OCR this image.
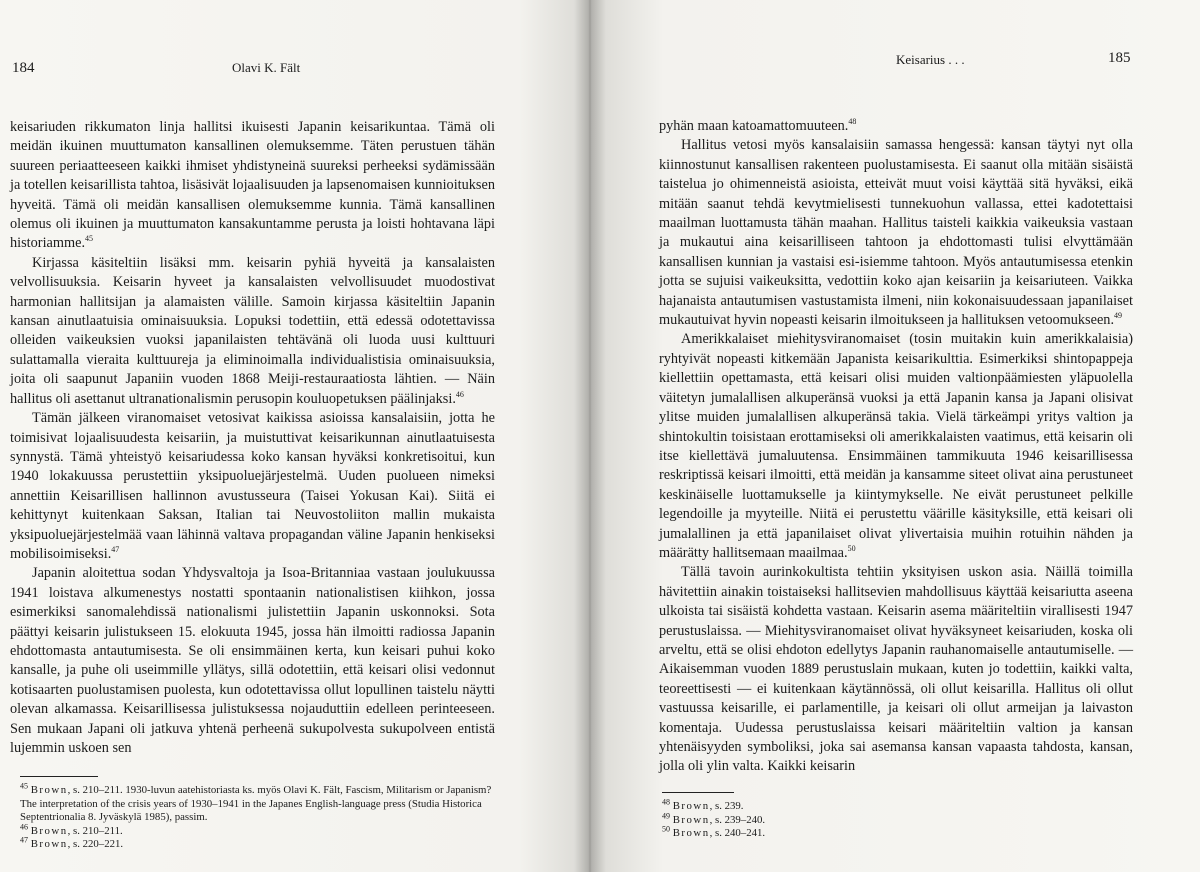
184	Olavi K. Fält

keisariuden rikkumaton linja hallitsi ikuisesti Japanin keisarikuntaa. Tämä oli meidän ikuinen muuttumaton kansallinen olemuksemme. Täten perustuen tähän suureen periaatteeseen kaikki ihmiset yhdistyneinä suureksi perheeksi sydämissään ja totellen keisarillista tahtoa, lisäsivät lojaalisuuden ja lapsenomaisen kunnioituksen hyveitä. Tämä oli meidän kansallisen olemuksemme kunnia. Tämä kansallinen olemus oli ikuinen ja muuttumaton kansakuntamme perusta ja loisti hohtavana läpi historiamme.$^{45}$

Kirjassa käsiteltiin lisäksi mm. keisarin pyhiä hyveitä ja kansalaisten velvollisuuksia. Keisarin hyveet ja kansalaisten velvollisuudet muodostivat harmonian hallitsijan ja alamaisten välille. Samoin kirjassa käsiteltiin Japanin kansan ainutlaatuisia ominaisuuksia. Lopuksi todettiin, että edessä odotettavissa olleiden vaikeuksien vuoksi japanilaisten tehtävänä oli luoda uusi kulttuuri sulattamalla vieraita kulttuureja ja eliminoimalla individualistisia ominaisuuksia, joita oli saapunut Japaniin vuoden 1868 Meiji-restauraatiosta lähtien. — Näin hallitus oli asettanut ultranationalismin perusopin kouluopetuksen päälinjaksi.$^{46}$

Tämän jälkeen viranomaiset vetosivat kaikissa asioissa kansalaisiin, jotta he toimisivat lojaalisuudesta keisariin, ja muistuttivat keisarikunnan ainutlaatuisesta synnystä. Tämä yhteistyö keisariudessa koko kansan hyväksi konkretisoitui, kun 1940 lokakuussa perustettiin yksipuoluejärjestelmä. Uuden puolueen nimeksi annettiin Keisarillisen hallinnon avustusseura (Taisei Yokusan Kai). Siitä ei kehittynyt kuitenkaan Saksan, Italian tai Neuvostoliiton mallin mukaista yksipuoluejärjestelmää vaan lähinnä valtava propagandan väline Japanin henkiseksi mobilisoimiseksi.$^{47}$

Japanin aloitettua sodan Yhdysvaltoja ja Isoa-Britanniaa vastaan joulukuussa 1941 loistava alkumenestys nostatti spontaanin nationalistisen kiihkon, jossa esimerkiksi sanomalehdissä nationalismi julistettiin Japanin uskonnoksi. Sota päättyi keisarin julistukseen 15. elokuuta 1945, jossa hän ilmoitti radiossa Japanin ehdottomasta antautumisesta. Se oli ensimmäinen kerta, kun keisari puhui koko kansalle, ja puhe oli useimmille yllätys, sillä odotettiin, että keisari olisi vedonnut kotisaarten puolustamisen puolesta, kun odotettavissa ollut lopullinen taistelu näytti olevan alkamassa. Keisarillisessa julistuksessa nojauduttiin edelleen perinteeseen. Sen mukaan Japani oli jatkuva yhtenä perheenä sukupolvesta sukupolveen entistä lujemmin uskoen sen

$^{45}$ Brown, s. 210–211. 1930-luvun aatehistoriasta ks. myös Olavi K. Fält, Fascism, Militarism or Japanism? The interpretation of the crisis years of 1930–1941 in the Japanes English-language press (Studia Historica Septentrionalia 8. Jyväskylä 1985), passim.
$^{46}$ Brown, s. 210–211.
$^{47}$ Brown, s. 220–221.
Keisarius . . .	185

pyhän maan katoamattomuuteen.$^{48}$

Hallitus vetosi myös kansalaisiin samassa hengessä: kansan täytyi nyt olla kiinnostunut kansallisen rakenteen puolustamisesta. Ei saanut olla mitään sisäistä taistelua jo ohimenneistä asioista, etteivät muut voisi käyttää sitä hyväksi, eikä mitään saanut tehdä kevytmielisesti tunnekuohun vallassa, ettei kadotettaisi maailman luottamusta tähän maahan. Hallitus taisteli kaikkia vaikeuksia vastaan ja mukautui aina keisarilliseen tahtoon ja ehdottomasti tulisi elvyttämään kansallisen kunnian ja vastaisi esi-isiemme tahtoon. Myös antautumisessa etenkin jotta se sujuisi vaikeuksitta, vedottiin koko ajan keisariin ja keisariuteen. Vaikka hajanaista antautumisen vastustamista ilmeni, niin kokonaisuudessaan japanilaiset mukautuivat hyvin nopeasti keisarin ilmoitukseen ja hallituksen vetoomukseen.$^{49}$

Amerikkalaiset miehitysviranomaiset (tosin muitakin kuin amerikkalaisia) ryhtyivät nopeasti kitkemään Japanista keisarikulttia. Esimerkiksi shintopappeja kiellettiin opettamasta, että keisari olisi muiden valtionpäämiesten yläpuolella väitetyn jumalallisen alkuperänsä vuoksi ja että Japanin kansa ja Japani olisivat ylitse muiden jumalallisen alkuperänsä takia. Vielä tärkeämpi yritys valtion ja shintokultin toisistaan erottamiseksi oli amerikkalaisten vaatimus, että keisarin oli itse kiellettävä jumaluutensa. Ensimmäinen tammikuuta 1946 keisarillisessa reskriptissä keisari ilmoitti, että meidän ja kansamme siteet olivat aina perustuneet keskinäiselle luottamukselle ja kiintymykselle. Ne eivät perustuneet pelkille legendoille ja myyteille. Niitä ei perustettu väärille käsityksille, että keisari oli jumalallinen ja että japanilaiset olivat ylivertaisia muihin rotuihin nähden ja määrätty hallitsemaan maailmaa.$^{50}$

Tällä tavoin aurinkokultista tehtiin yksityisen uskon asia. Näillä toimilla hävitettiin ainakin toistaiseksi hallitsevien mahdollisuus käyttää keisariutta aseena ulkoista tai sisäistä kohdetta vastaan. Keisarin asema määriteltiin virallisesti 1947 perustuslaissa. — Miehitysviranomaiset olivat hyväksyneet keisariuden, koska oli arveltu, että se olisi ehdoton edellytys Japanin rauhanomaiselle antautumiselle. — Aikaisemman vuoden 1889 perustuslain mukaan, kuten jo todettiin, kaikki valta, teoreettisesti — ei kuitenkaan käytännössä, oli ollut keisarilla. Hallitus oli ollut vastuussa keisarille, ei parlamentille, ja keisari oli ollut armeijan ja laivaston komentaja. Uudessa perustuslaissa keisari määriteltiin valtion ja kansan yhtenäisyyden symboliksi, joka sai asemansa kansan vapaasta tahdosta, kansan, jolla oli ylin valta. Kaikki keisarin

$^{48}$ Brown, s. 239.
$^{49}$ Brown, s. 239–240.
$^{50}$ Brown, s. 240–241.
